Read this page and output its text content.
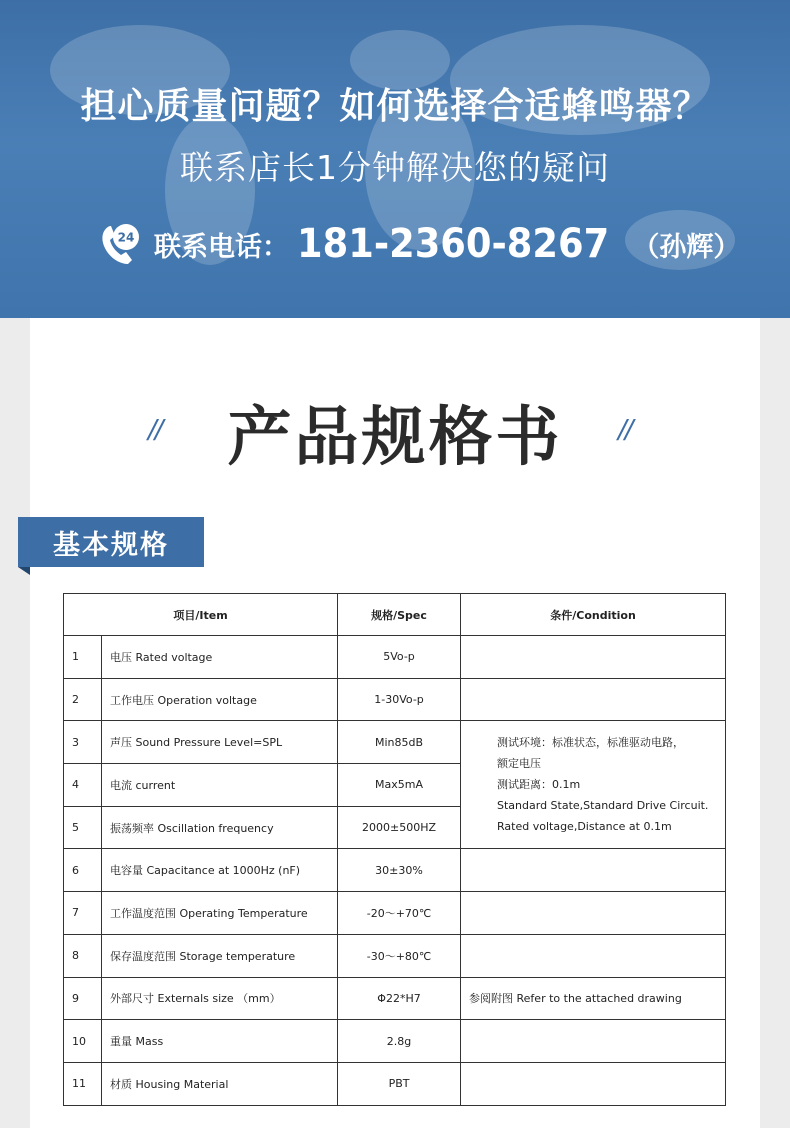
担心质量问题？如何选择合适蜂鸣器？
联系店长1分钟解决您的疑问
24 联系电话： 181-2360-8267 （孙辉）
//	产品规格书	//
基本规格
项目/Item		规格/Spec	条件/Condition
1	电压 Rated voltage	5Vo-p	
2	工作电压 Operation voltage	1-30Vo-p	
3	声压 Sound Pressure Level=SPL	Min85dB	测试环境：标准状态，标准驱动电路，
额定电压
测试距离：0.1m
Standard State,Standard Drive Circuit.
Rated voltage,Distance at 0.1m

4	电流 current	Max5mA	
5	振荡频率 Oscillation frequency	2000±500HZ	
6	电容量 Capacitance at 1000Hz (nF)	30±30%	
7	工作温度范围 Operating Temperature	-20～+70℃	
8	保存温度范围 Storage temperature	-30～+80℃	
9	外部尺寸 Externals size （mm）	Φ22*H7	参阅附图 Refer to the attached drawing
10	重量 Mass	2.8g	
11	材质 Housing Material	PBT	
